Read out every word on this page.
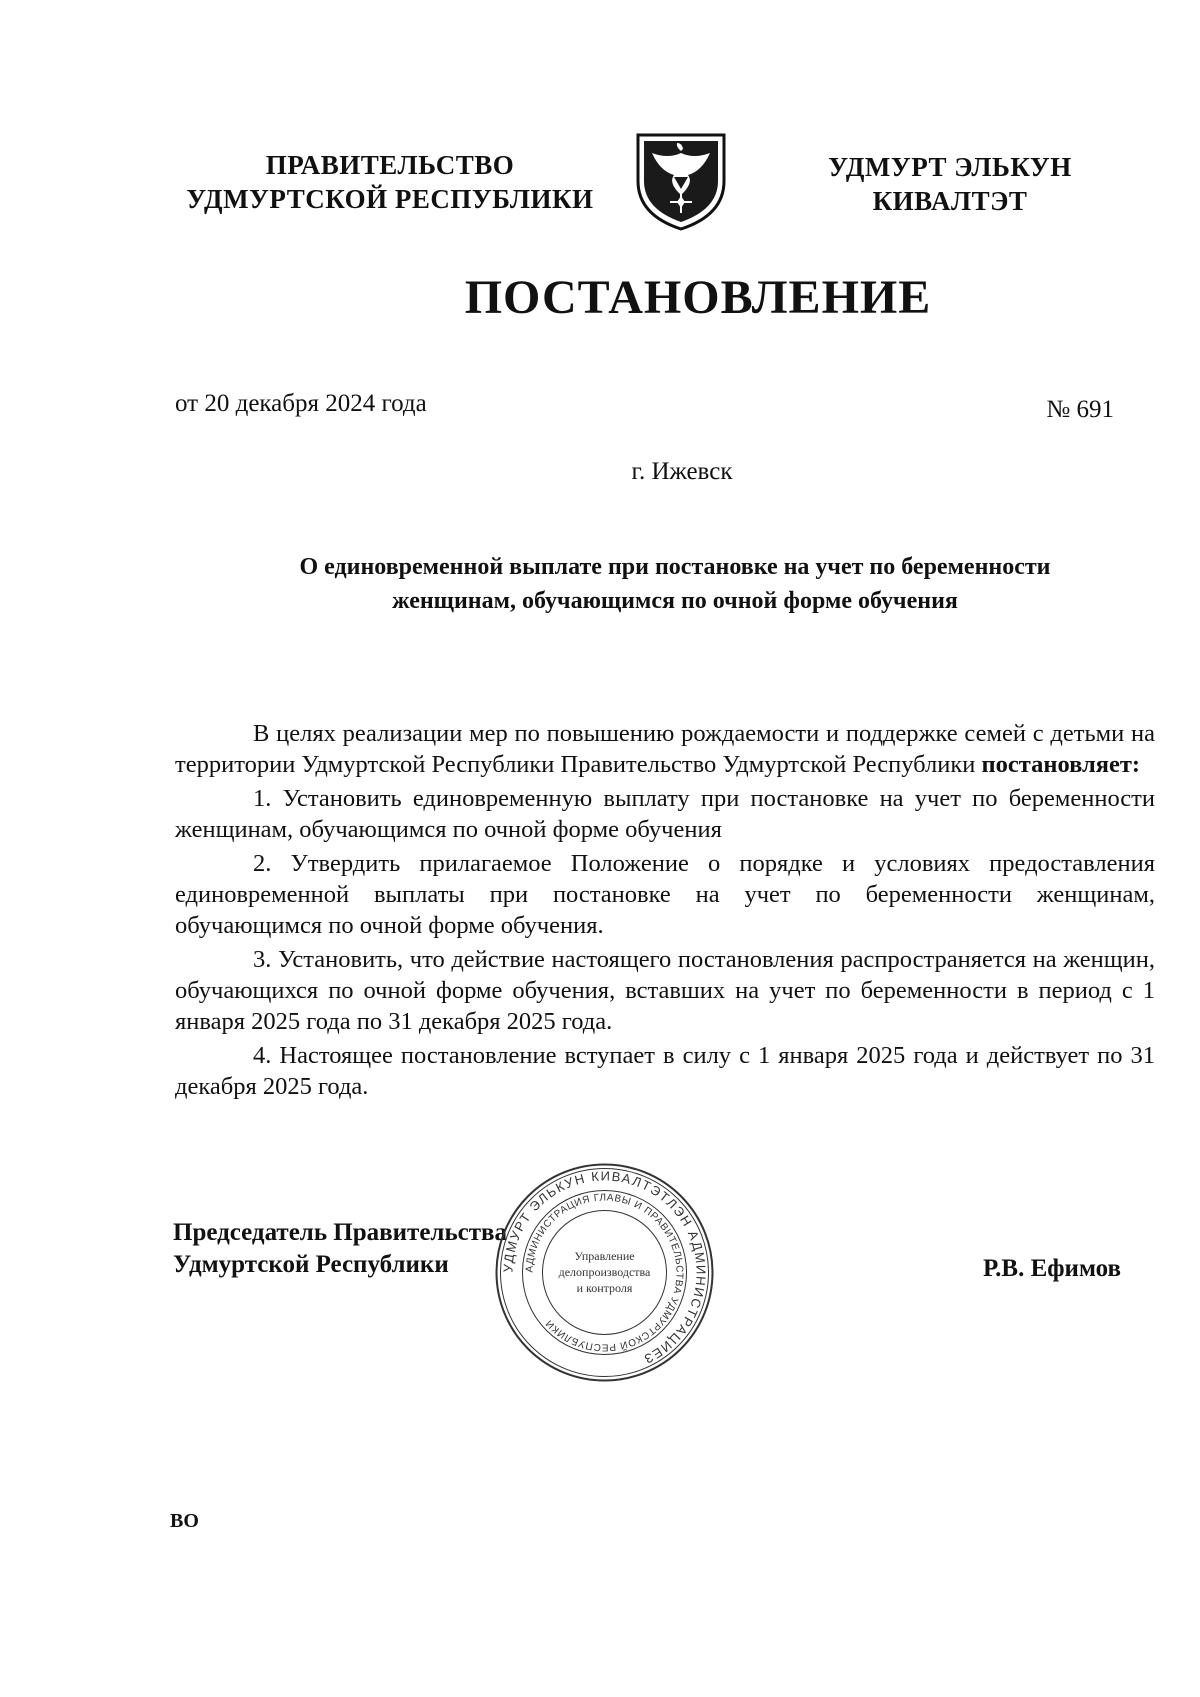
ПРАВИТЕЛЬСТВО
УДМУРТСКОЙ РЕСПУБЛИКИ
УДМУРТ ЭЛЬКУН
КИВАЛТЭТ
ПОСТАНОВЛЕНИЕ
от 20 декабря 2024 года	№ 691
г. Ижевск
О единовременной выплате при постановке на учет по беременности
женщинам, обучающимся по очной форме обучения

В целях реализации мер по повышению рождаемости и поддержке семей с детьми на территории Удмуртской Республики Правительство Удмуртской Республики постановляет:

1. Установить единовременную выплату при постановке на учет по беременности женщинам, обучающимся по очной форме обучения

2. Утвердить прилагаемое Положение о порядке и условиях предоставления единовременной выплаты при постановке на учет по беременности женщинам, обучающимся по очной форме обучения.

3. Установить, что действие настоящего постановления распространяется на женщин, обучающихся по очной форме обучения, вставших на учет по беременности в период с 1 января 2025 года по 31 декабря 2025 года.

4. Настоящее постановление вступает в силу с 1 января 2025 года и действует по 31 декабря 2025 года.

Председатель Правительства
Удмуртской Республики	УДМУРТ ЭЛЬКУН КИВАЛТЭТЛЭН АДМИНИСТРАЦИЕЗ
АДМИНИСТРАЦИЯ ГЛАВЫ И ПРАВИТЕЛЬСТВА УДМУРТСКОЙ РЕСПУБЛИКИ
Управление
делопроизводства
и контроля
Р.В. Ефимов
ВО
